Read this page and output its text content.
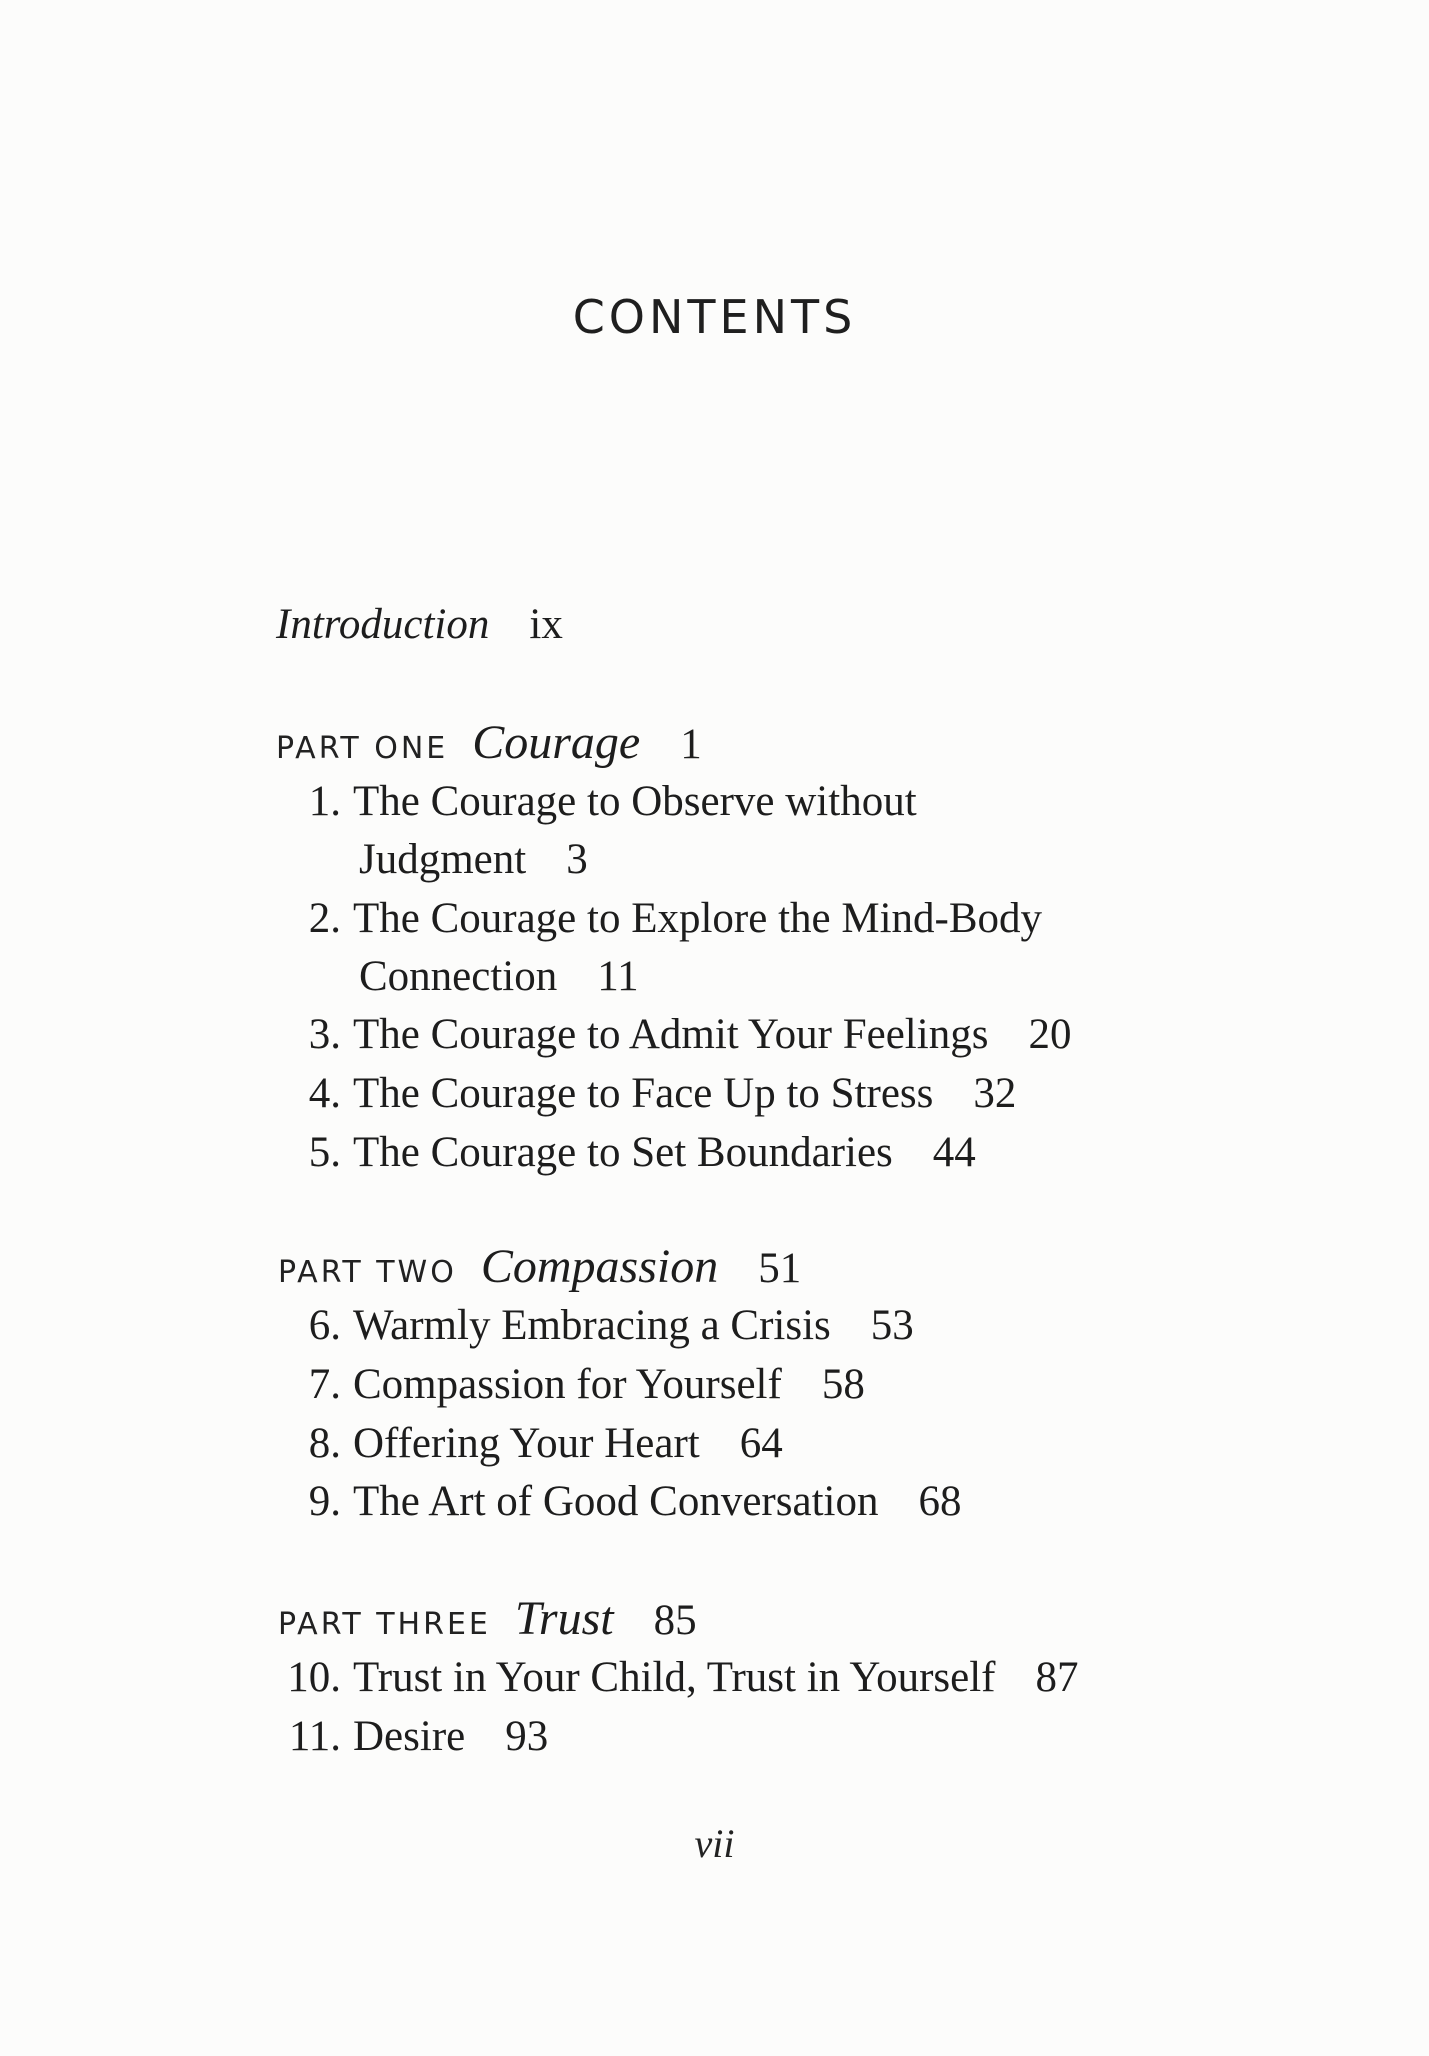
CONTENTS
Introduction ix
PART ONE Courage 1
1. The Courage to Observe without
Judgment 3
2. The Courage to Explore the Mind-Body
Connection 11
3. The Courage to Admit Your Feelings 20
4. The Courage to Face Up to Stress 32
5. The Courage to Set Boundaries 44
PART TWO Compassion 51
6. Warmly Embracing a Crisis 53
7. Compassion for Yourself 58
8. Offering Your Heart 64
9. The Art of Good Conversation 68
PART THREE Trust 85
10. Trust in Your Child, Trust in Yourself 87
11. Desire 93
vii
